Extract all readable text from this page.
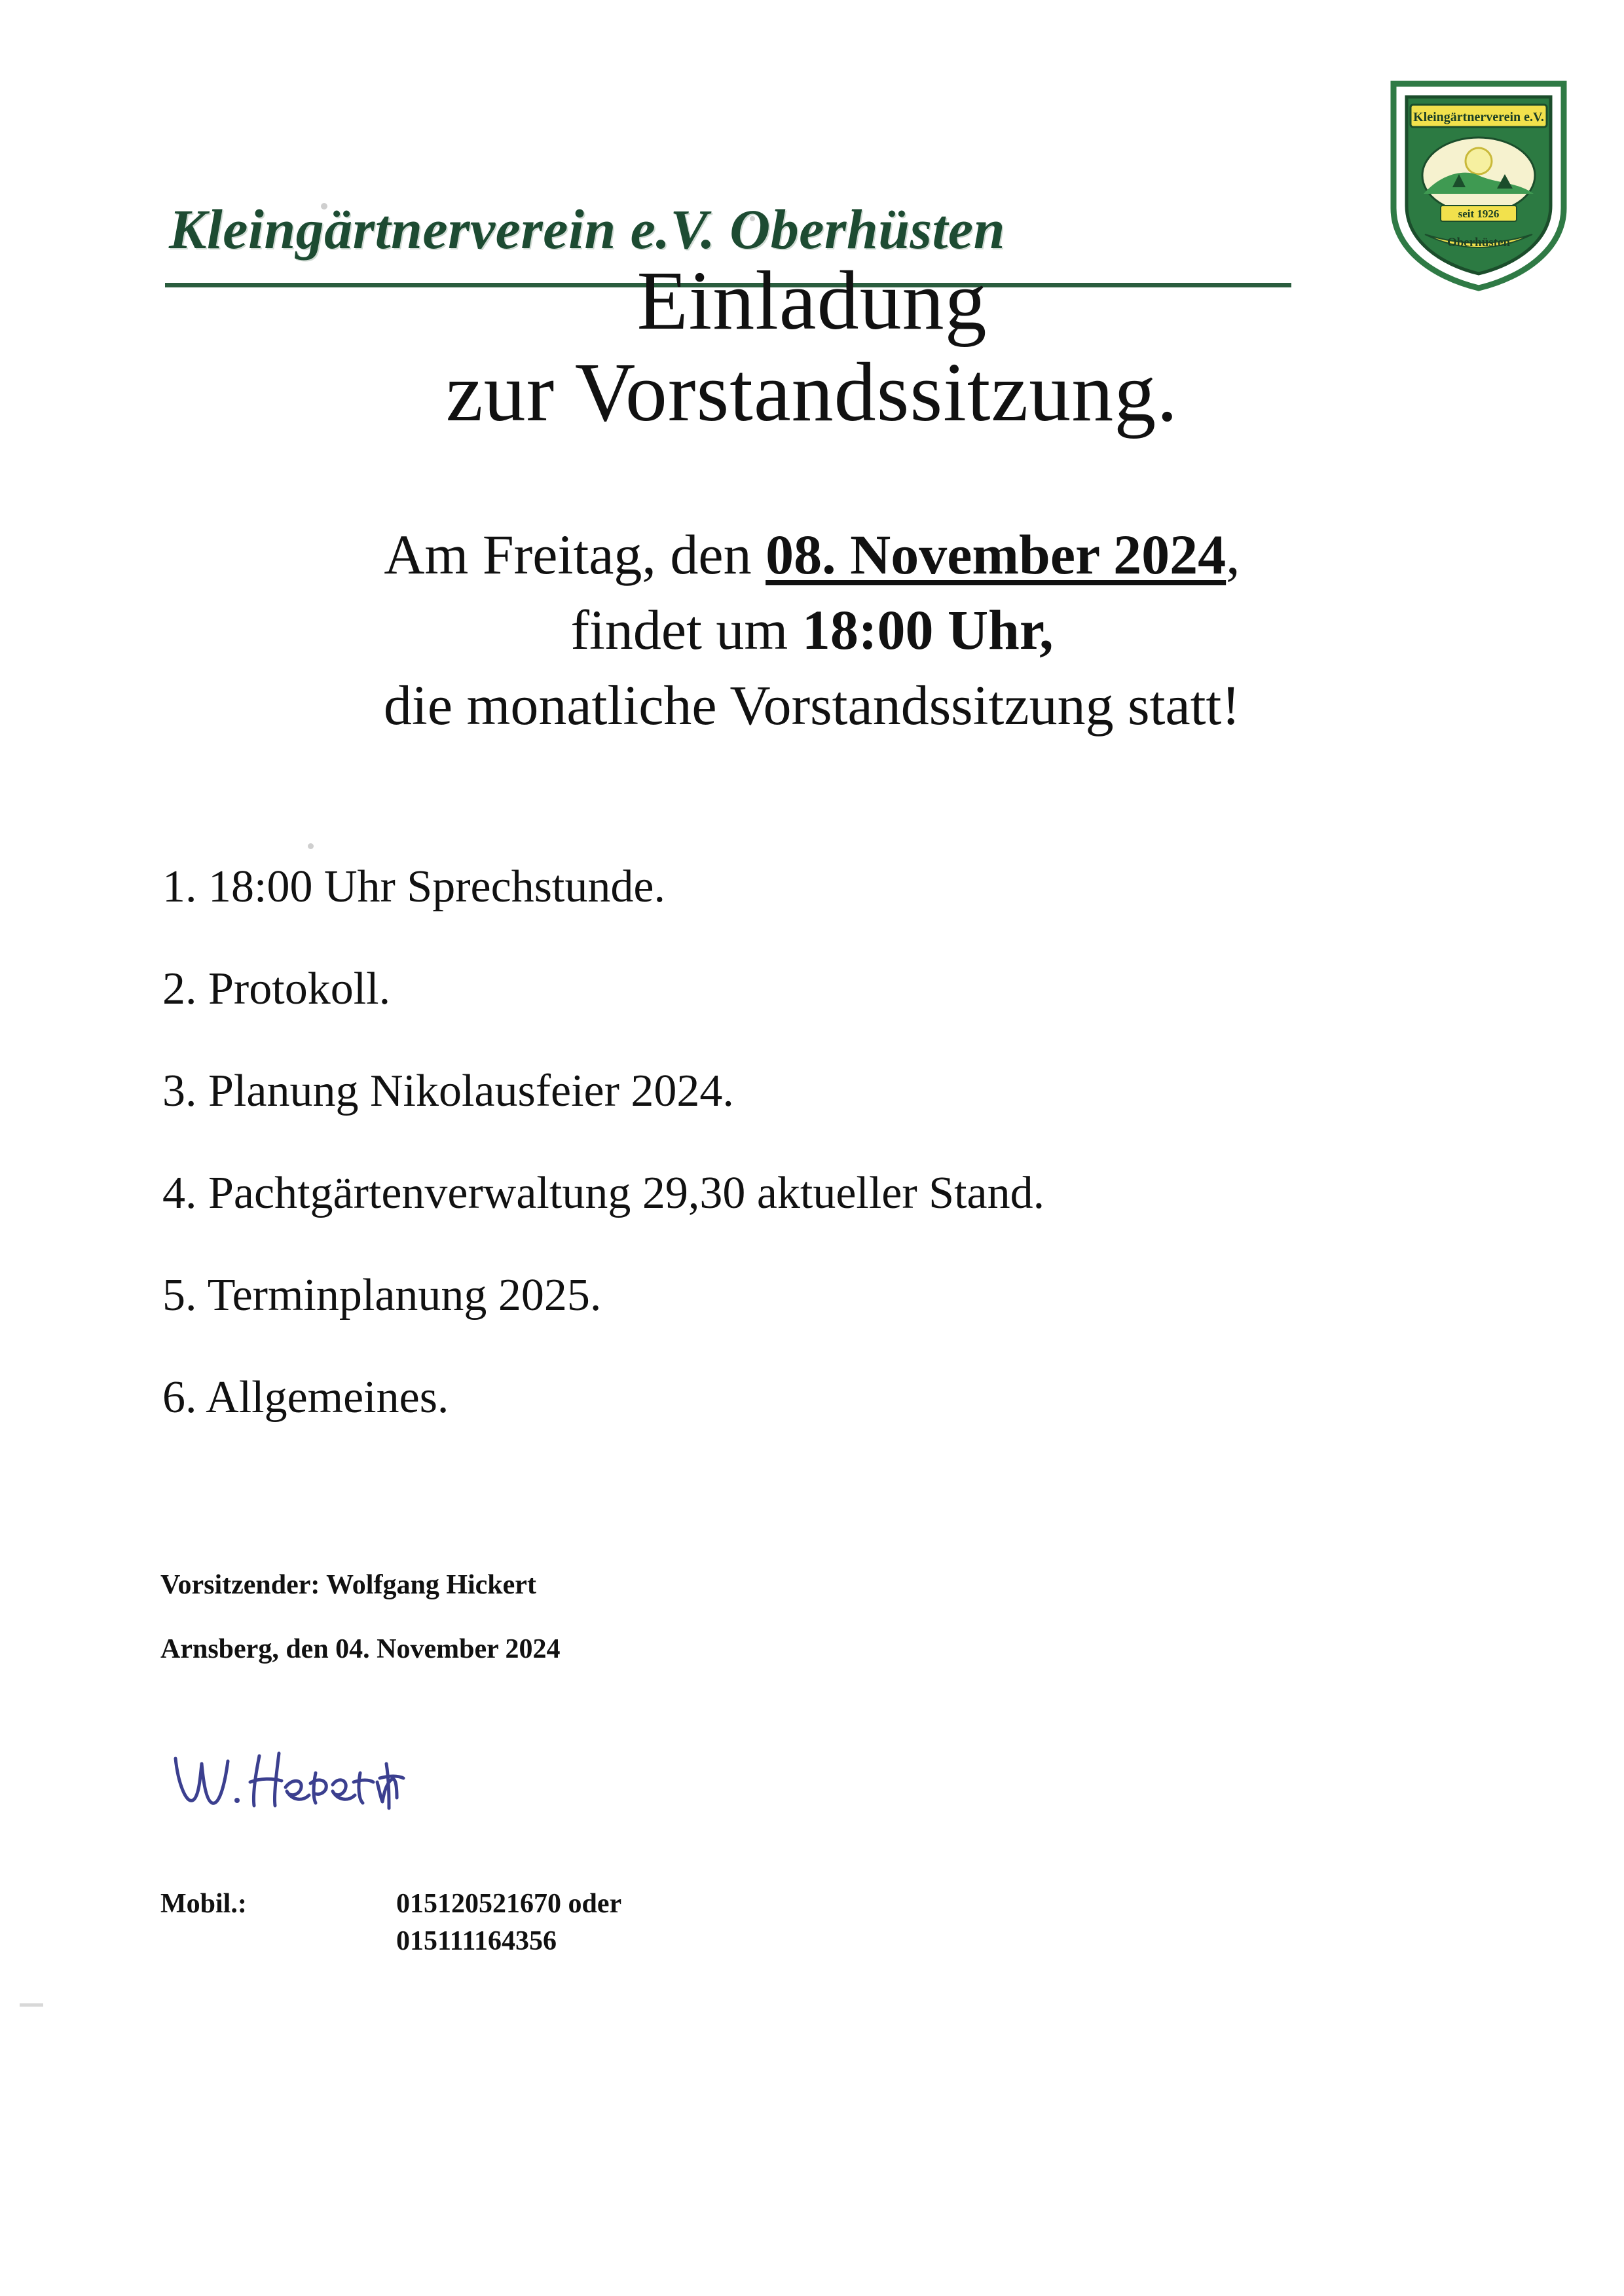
Kleingärtnerverein e.V. Oberhüsten
Kleingärtnerverein e.V.
seit 1926
Oberhüsten
Einladung
zur Vorstandssitzung.
Am Freitag, den 08. November 2024,
findet um 18:00 Uhr,
die monatliche Vorstandssitzung statt!
1. 18:00 Uhr Sprechstunde.
2. Protokoll.
3. Planung Nikolausfeier 2024.
4. Pachtgärtenverwaltung 29,30 aktueller Stand.
5. Terminplanung 2025.
6. Allgemeines.
Vorsitzender: Wolfgang Hickert
Arnsberg, den 04. November 2024
Mobil.:	015120521670 oder
015111164356
